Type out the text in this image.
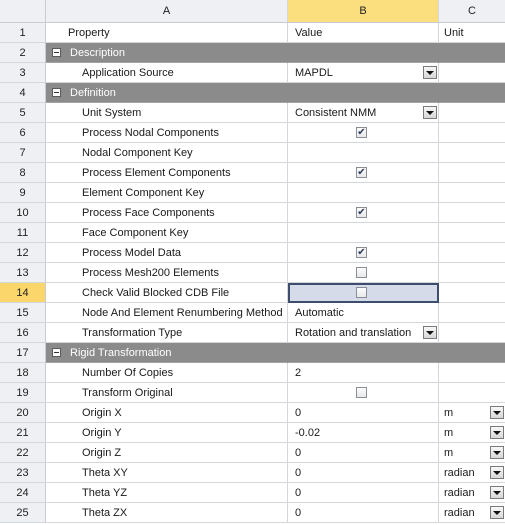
A	B	C
1	Property	Value	Unit
2	Description
3	Application Source	MAPDL
4	Definition
5	Unit System	Consistent NMM
6	Process Nodal Components	✔
7	Nodal Component Key
8	Process Element Components	✔
9	Element Component Key
10	Process Face Components	✔
11	Face Component Key
12	Process Model Data	✔
13	Process Mesh200 Elements
14	Check Valid Blocked CDB File
15	Node And Element Renumbering Method	Automatic
16	Transformation Type	Rotation and translation
17	Rigid Transformation
18	Number Of Copies	2
19	Transform Original
20	Origin X	0	m
21	Origin Y	-0.02	m
22	Origin Z	0	m
23	Theta XY	0	radian
24	Theta YZ	0	radian
25	Theta ZX	0	radian
